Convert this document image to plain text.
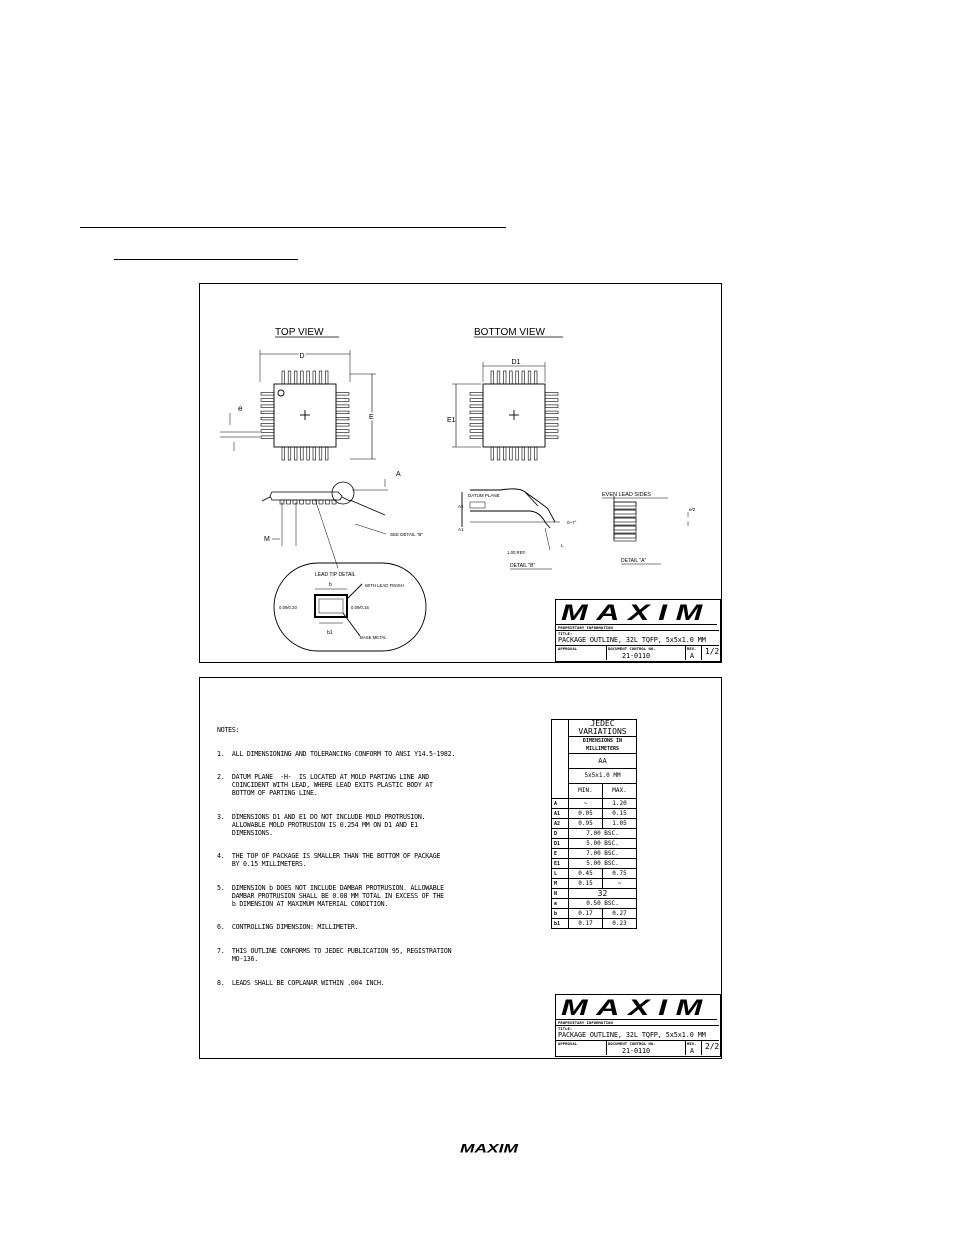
TOP VIEW	BOTTOM VIEW
D
E
e
D1
E1
A
SEE DETAIL "B"
M
LEAD TIP DETAIL
WITH LEAD FINISH
BASE METAL
0.09/0.20	0.09/0.16
b
b1
DATUM PLANE
A2
A1
L
0~7°
1.00 REF.
DETAIL "B"
EVEN LEAD SIDES
e/2
DETAIL "A"
MAXIM
PROPRIETARY INFORMATION
TITLE:
PACKAGE OUTLINE, 32L TQFP, 5x5x1.0 MM
APPROVAL	DOCUMENT CONTROL NO.
21-0110
REV.
A 1/2

NOTES:

1.  ALL DIMENSIONING AND TOLERANCING CONFORM TO ANSI Y14.5-1982.

2.  DATUM PLANE  -H-  IS LOCATED AT MOLD PARTING LINE AND
COINCIDENT WITH LEAD, WHERE LEAD EXITS PLASTIC BODY AT
BOTTOM OF PARTING LINE.

3.  DIMENSIONS D1 AND E1 DO NOT INCLUDE MOLD PROTRUSION.
ALLOWABLE MOLD PROTRUSION IS 0.254 MM ON D1 AND E1
DIMENSIONS.

4.  THE TOP OF PACKAGE IS SMALLER THAN THE BOTTOM OF PACKAGE
BY 0.15 MILLIMETERS.

5.  DIMENSION b DOES NOT INCLUDE DAMBAR PROTRUSION. ALLOWABLE
DAMBAR PROTRUSION SHALL BE 0.08 MM TOTAL IN EXCESS OF THE
b DIMENSION AT MAXIMUM MATERIAL CONDITION.

6.  CONTROLLING DIMENSION: MILLIMETER.

7.  THIS OUTLINE CONFORMS TO JEDEC PUBLICATION 95, REGISTRATION
MO-136.

8.  LEADS SHALL BE COPLANAR WITHIN .004 INCH.

	JEDEC VARIATIONS	
	DIMENSIONS IN MILLIMETERS	
	AA	
	5x5x1.0 MM	
	MIN.	MAX.
A	~	1.20
A1	0.05	0.15
A2	0.95	1.05
D	7.00 BSC.	
D1	5.00 BSC.	
E	7.00 BSC.	
E1	5.00 BSC.	
L	0.45	0.75
M	0.15	~
N	32	
e	0.50 BSC.	
b	0.17	0.27
b1	0.17	0.23
MAXIM
PROPRIETARY INFORMATION
TITLE:
PACKAGE OUTLINE, 32L TQFP, 5x5x1.0 MM
APPROVAL	DOCUMENT CONTROL NO.
21-0110
REV.
A 2/2
MAXIM
